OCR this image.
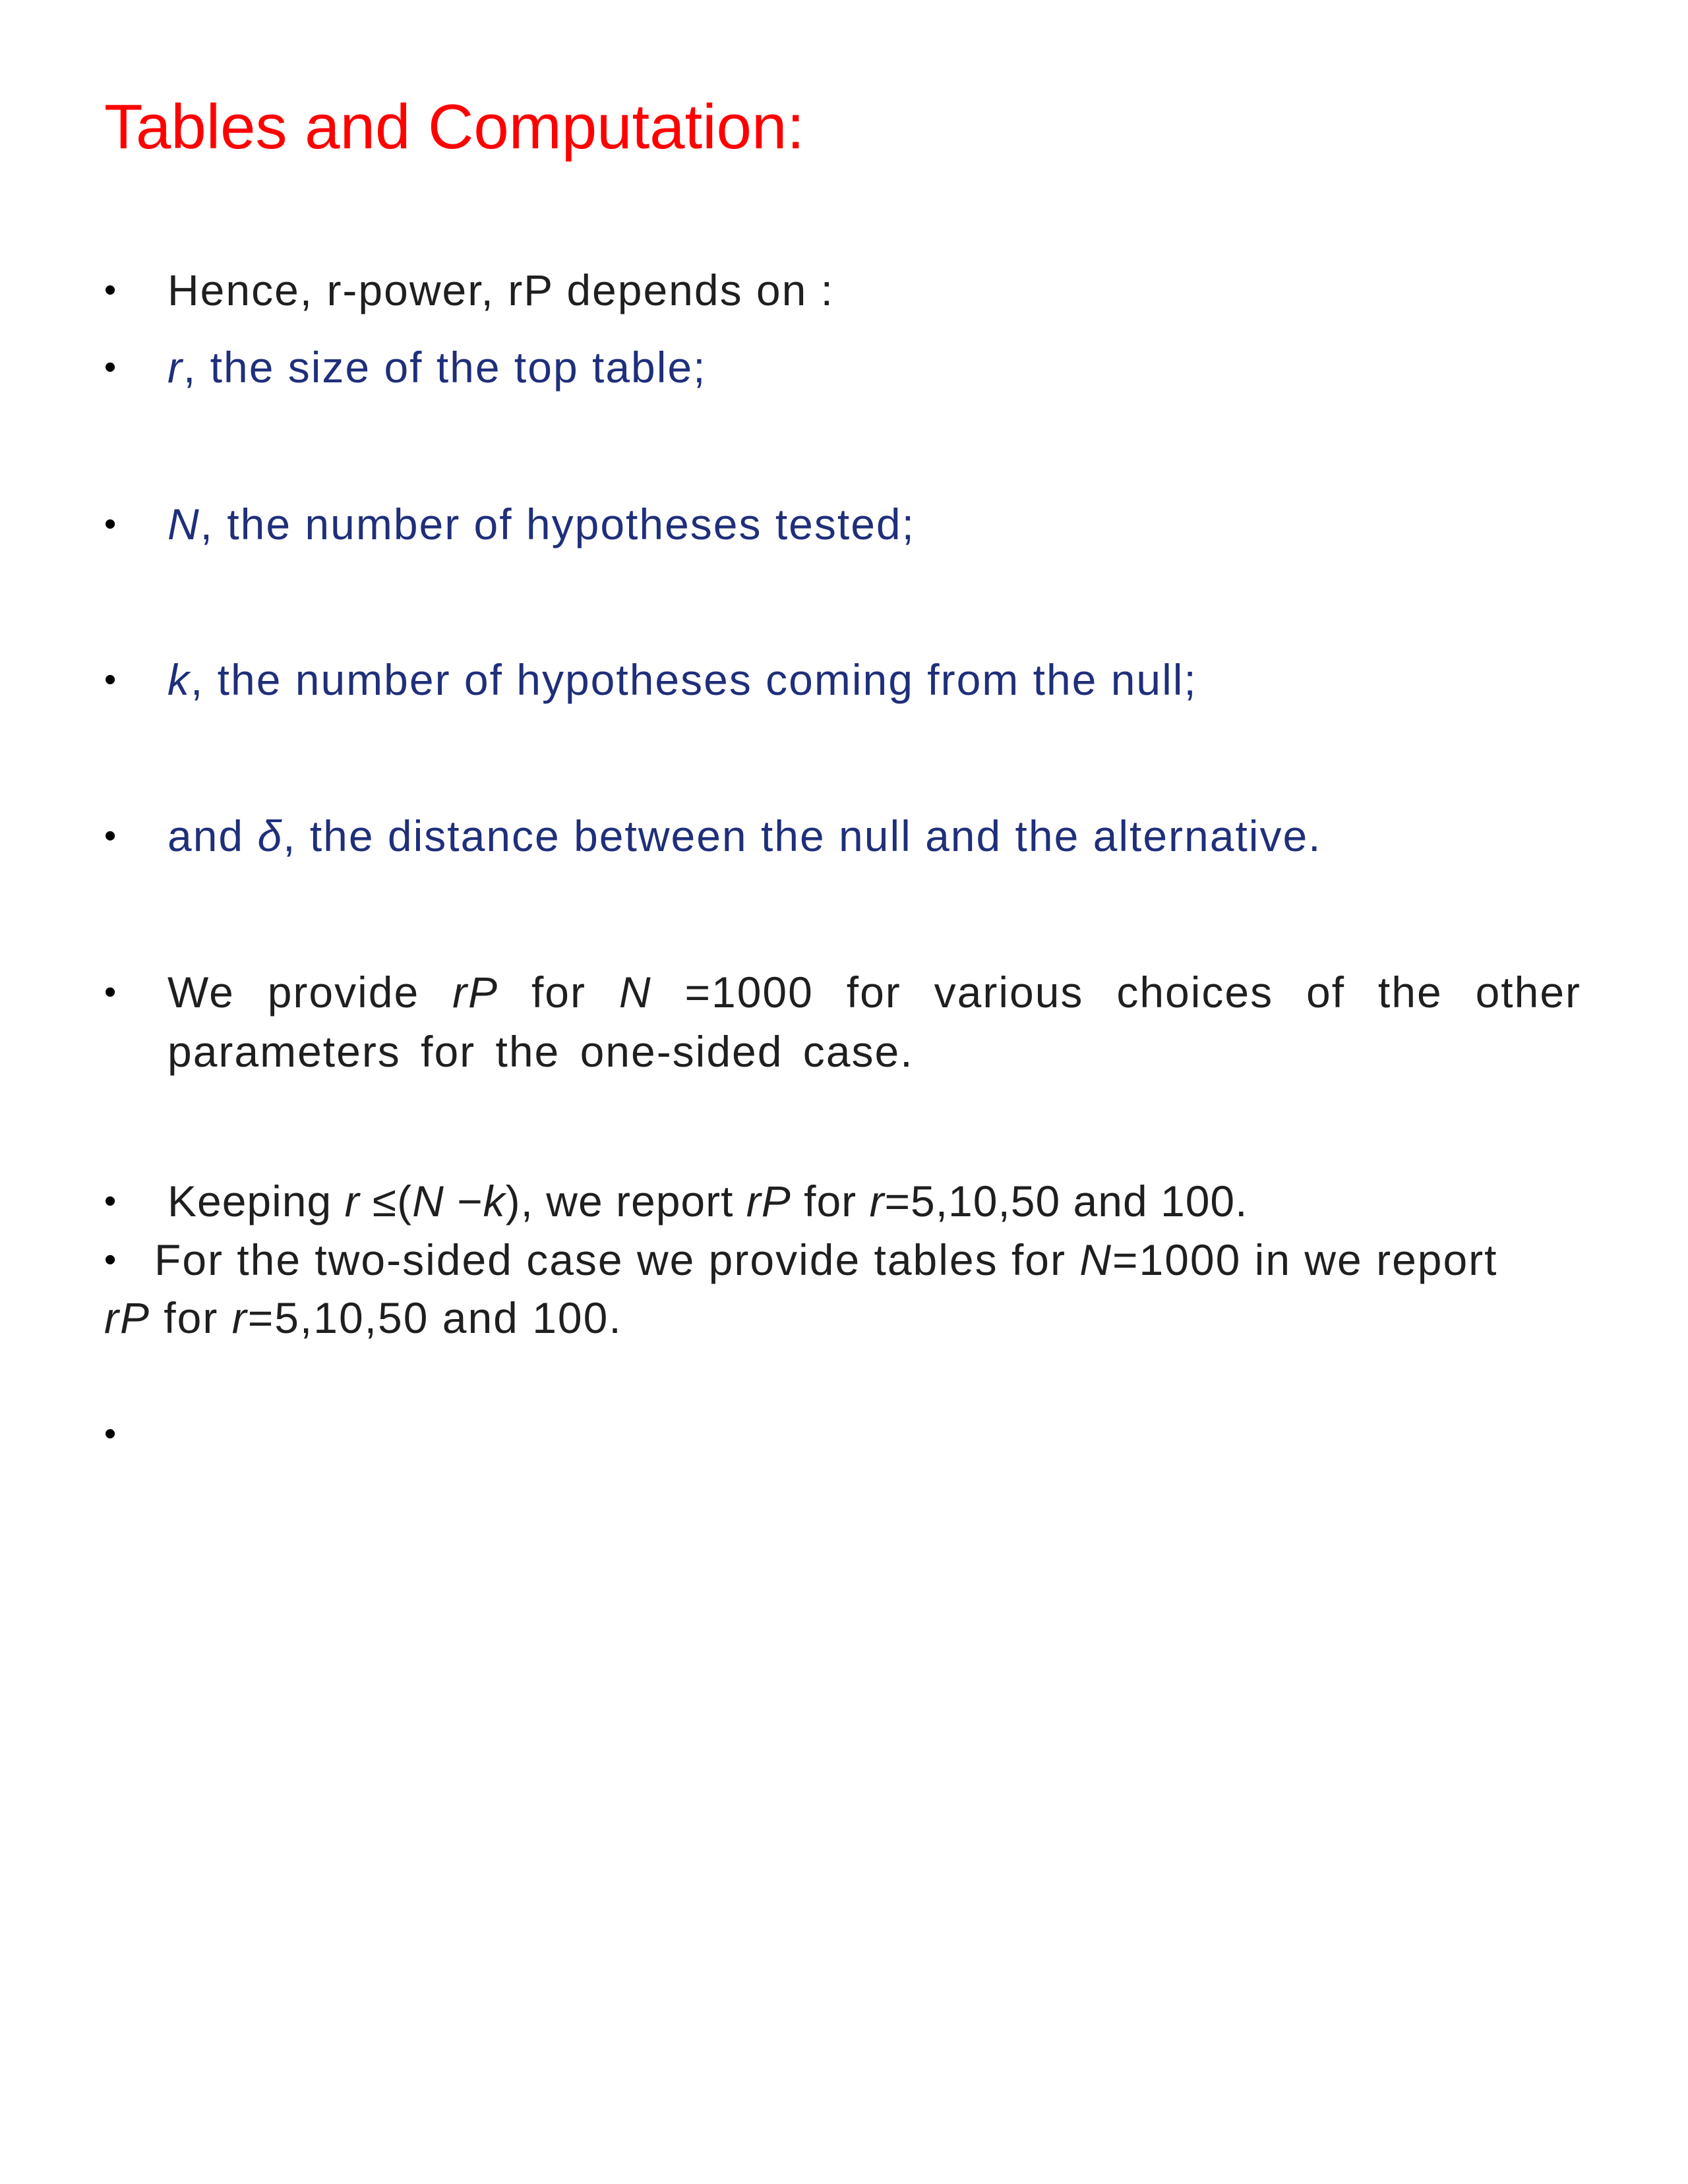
Tables and Computation:
•	Hence, r-power, rP depends on :
•	r, the size of the top table;
•	N, the number of hypotheses tested;
•	k, the number of hypotheses coming from the null;
•	and δ, the distance between the null and the alternative.
•	We provide rP for N =1000 for various choices of the other parameters for the one-sided case.
•	Keeping r ≤(N −k), we report rP for r=5,10,50 and 100.
• For the two-sided case we provide tables for N=1000 in we report
rP for r=5,10,50 and 100.
•
